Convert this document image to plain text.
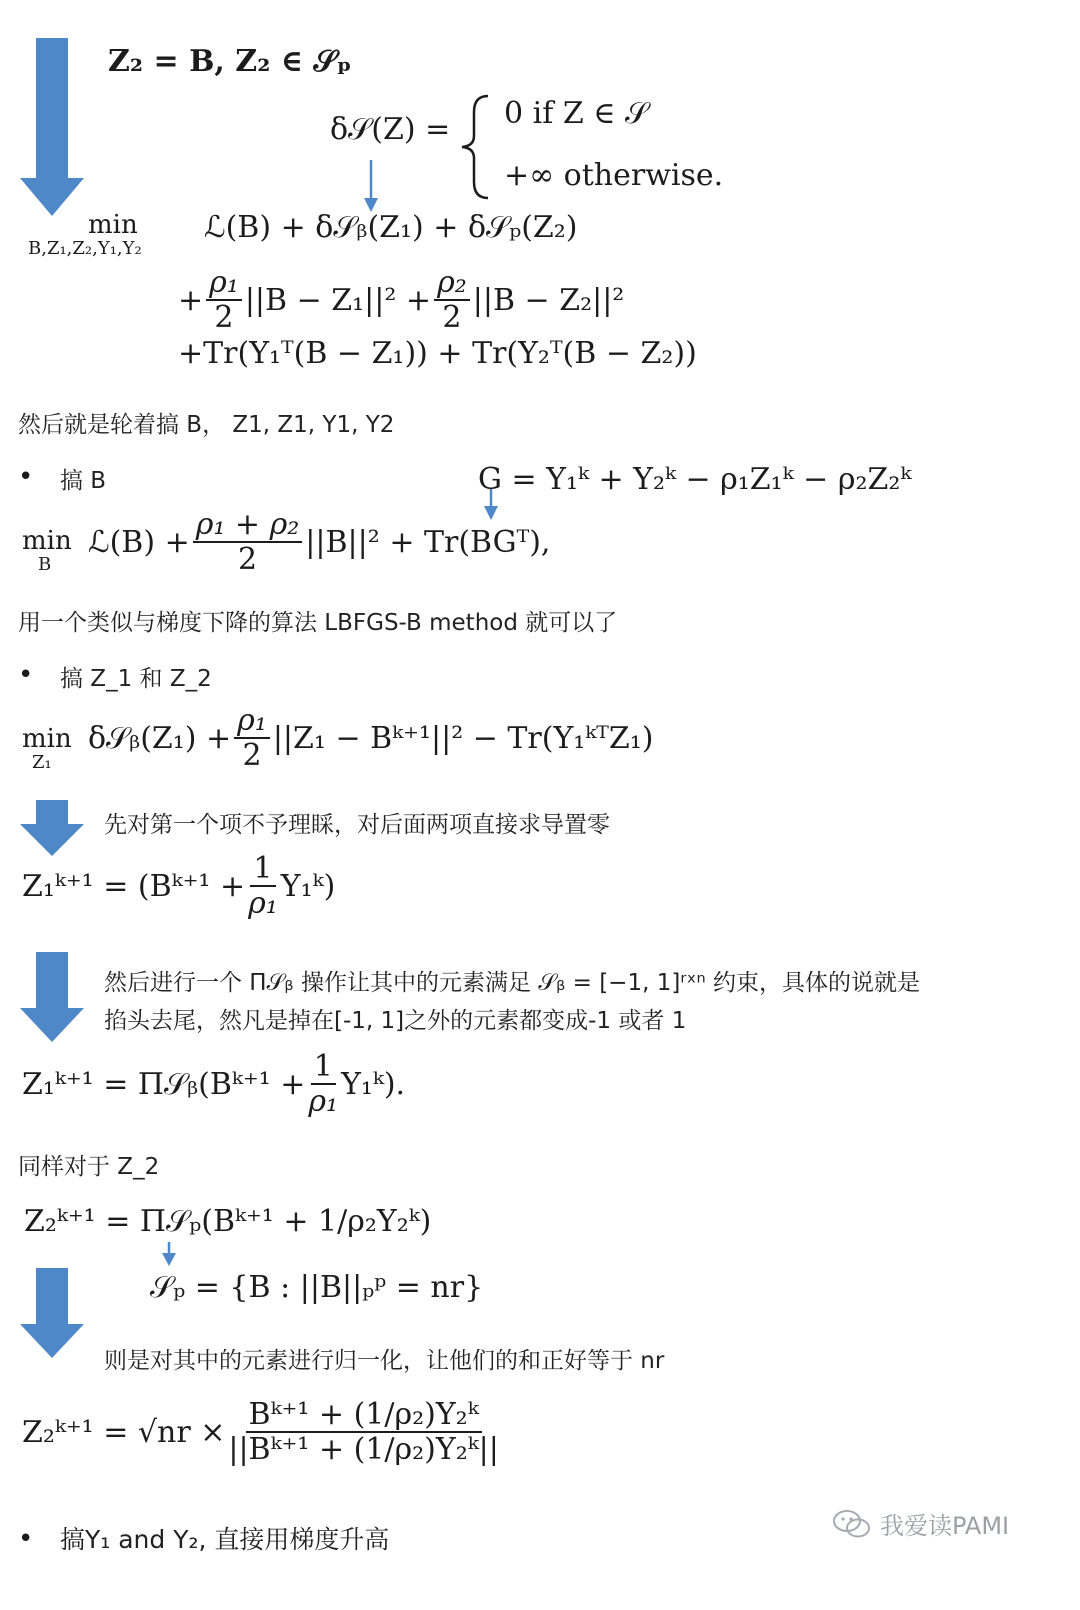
Z₂ = B, Z₂ ∈ 𝒮ₚ
δ𝒮(Z) = 0 if Z ∈ 𝒮
+∞ otherwise.
min
B,Z₁,Z₂,Y₁,Y₂
ℒ(B) + δ𝒮ᵦ(Z₁) + δ𝒮ₚ(Z₂)
+ $\frac{\text{ρ₁}}{2} ||B - Z_1||^2 + \frac{\text{ρ₂}}{2} ||B - Z_2||^2$
+Tr(Y₁ᵀ(B − Z₁)) + Tr(Y₂ᵀ(B − Z₂))
然后就是轮着搞 B， Z1, Z1, Y1, Y2
• 搞 B	G = Y₁ᵏ + Y₂ᵏ − ρ₁Z₁ᵏ − ρ₂Z₂ᵏ
min
B
ℒ(B) + $\frac{\text{ρ₁ + ρ₂}}{2} ||B||^2$ + Tr(BGᵀ),
用一个类似与梯度下降的算法 LBFGS-B method 就可以了
• 搞 Z_1 和 Z_2
min
Z₁
δ𝒮ᵦ(Z₁) + $\frac{\text{ρ₁}}{2} ||Z_1$ − Bᵏ⁺¹||² − Tr(Y₁ᵏᵀZ₁)
先对第一个项不予理睬，对后面两项直接求导置零
Z₁ᵏ⁺¹ = (Bᵏ⁺¹ + $\frac{1}{\text{ρ₁}}$ Y₁ᵏ)
然后进行一个 Π𝒮ᵦ 操作让其中的元素满足 𝒮ᵦ = [−1, 1]ʳˣⁿ 约束，具体的说就是
掐头去尾，然凡是掉在[-1, 1]之外的元素都变成-1 或者 1
Z₁ᵏ⁺¹ = Π𝒮ᵦ(Bᵏ⁺¹ + $\frac{1}{\text{ρ₁}}$ Y₁ᵏ).
同样对于 Z_2
Z₂ᵏ⁺¹ = Π𝒮ₚ(Bᵏ⁺¹ + 1/ρ₂Y₂ᵏ)
𝒮ₚ = {B : ||B||ₚᵖ = nr}
则是对其中的元素进行归一化，让他们的和正好等于 nr
Z₂ᵏ⁺¹ = $√nr \times \frac{\text{Bᵏ⁺¹ + (1/ρ₂)Y₂ᵏ}}{\text{||Bᵏ⁺¹ + (1/ρ₂)Y₂ᵏ||}}$
• 搞Y₁ and Y₂, 直接用梯度升高	我爱读PAMI
